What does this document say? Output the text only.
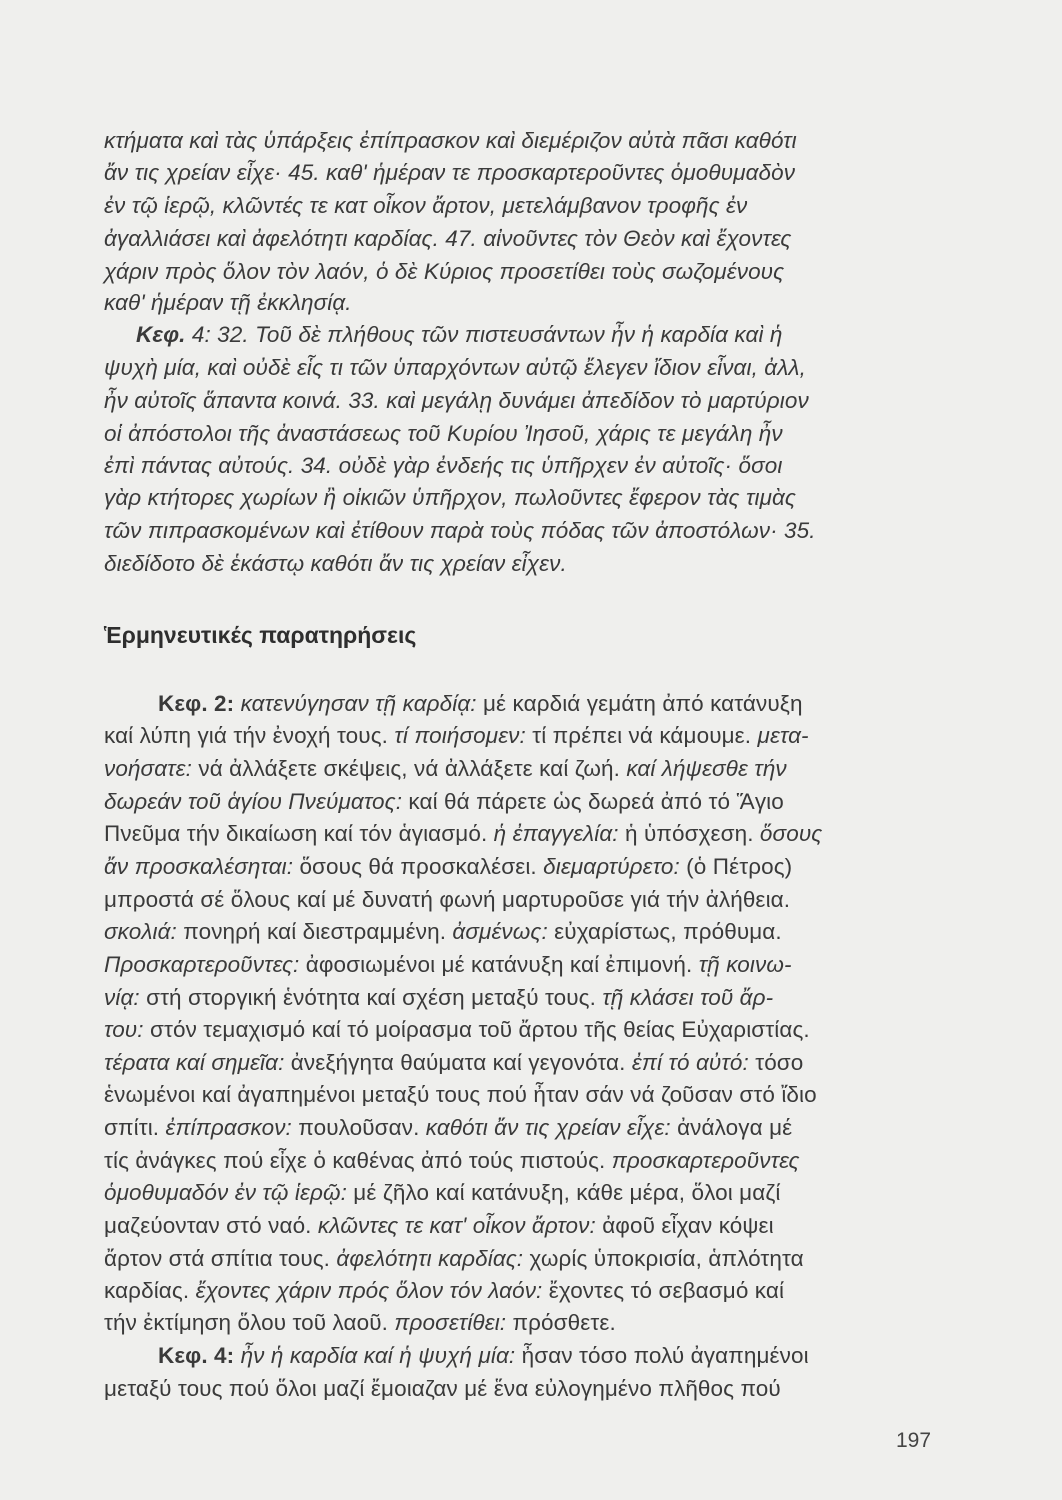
κτήματα καὶ τὰς ὑπάρξεις ἐπίπρασκον καὶ διεμέριζον αὐτὰ πᾶσι καθότι
ἄν τις χρείαν εἶχε· 45. καθ' ἡμέραν τε προσκαρτεροῦντες ὁμοθυμαδὸν
ἐν τῷ ἱερῷ, κλῶντές τε κατ οἶκον ἄρτον, μετελάμβανον τροφῆς ἐν
ἀγαλλιάσει καὶ ἀφελότητι καρδίας. 47. αἰνοῦντες τὸν Θεὸν καὶ ἔχοντες
χάριν πρὸς ὅλον τὸν λαόν, ὁ δὲ Κύριος προσετίθει τοὺς σωζομένους
καθ' ἡμέραν τῇ ἐκκλησίᾳ.
Κεφ. 4: 32. Τοῦ δὲ πλήθους τῶν πιστευσάντων ἦν ἡ καρδία καὶ ἡ
ψυχὴ μία, καὶ οὐδὲ εἷς τι τῶν ὑπαρχόντων αὐτῷ ἔλεγεν ἴδιον εἶναι, ἀλλ,
ἦν αὐτοῖς ἅπαντα κοινά. 33. καὶ μεγάλῃ δυνάμει ἀπεδίδον τὸ μαρτύριον
οἱ ἀπόστολοι τῆς ἀναστάσεως τοῦ Κυρίου Ἰησοῦ, χάρις τε μεγάλη ἦν
ἐπὶ πάντας αὐτούς. 34. οὐδὲ γὰρ ἐνδεής τις ὑπῆρχεν ἐν αὐτοῖς· ὅσοι
γὰρ κτήτορες χωρίων ἢ οἰκιῶν ὑπῆρχον, πωλοῦντες ἔφερον τὰς τιμὰς
τῶν πιπρασκομένων καὶ ἐτίθουν παρὰ τοὺς πόδας τῶν ἀποστόλων· 35.
διεδίδοτο δὲ ἑκάστῳ καθότι ἄν τις χρείαν εἶχεν.
Ἑρμηνευτικές παρατηρήσεις
Κεφ. 2: κατενύγησαν τῇ καρδίᾳ: μέ καρδιά γεμάτη ἀπό κατάνυξη
καί λύπη γιά τήν ἐνοχή τους. τί ποιήσομεν: τί πρέπει νά κάμουμε. μετα-
νοήσατε: νά ἀλλάξετε σκέψεις, νά ἀλλάξετε καί ζωή. καί λήψεσθε τήν
δωρεάν τοῦ ἁγίου Πνεύματος: καί θά πάρετε ὡς δωρεά ἀπό τό Ἅγιο
Πνεῦμα τήν δικαίωση καί τόν ἁγιασμό. ἡ ἐπαγγελία: ἡ ὑπόσχεση. ὅσους
ἄν προσκαλέσηται: ὅσους θά προσκαλέσει. διεμαρτύρετο: (ὁ Πέτρος)
μπροστά σέ ὅλους καί μέ δυνατή φωνή μαρτυροῦσε γιά τήν ἀλήθεια.
σκολιά: πονηρή καί διεστραμμένη. ἀσμένως: εὐχαρίστως, πρόθυμα.
Προσκαρτεροῦντες: ἀφοσιωμένοι μέ κατάνυξη καί ἐπιμονή. τῇ κοινω-
νίᾳ: στή στοργική ἑνότητα καί σχέση μεταξύ τους. τῇ κλάσει τοῦ ἄρ-
του: στόν τεμαχισμό καί τό μοίρασμα τοῦ ἄρτου τῆς θείας Εὐχαριστίας.
τέρατα καί σημεῖα: ἀνεξήγητα θαύματα καί γεγονότα. ἐπί τό αὐτό: τόσο
ἑνωμένοι καί ἀγαπημένοι μεταξύ τους πού ἦταν σάν νά ζοῦσαν στό ἴδιο
σπίτι. ἐπίπρασκον: πουλοῦσαν. καθότι ἄν τις χρείαν εἶχε: ἀνάλογα μέ
τίς ἀνάγκες πού εἶχε ὁ καθένας ἀπό τούς πιστούς. προσκαρτεροῦντες
ὁμοθυμαδόν ἐν τῷ ἱερῷ: μέ ζῆλο καί κατάνυξη, κάθε μέρα, ὅλοι μαζί
μαζεύονταν στό ναό. κλῶντες τε κατ' οἶκον ἄρτον: ἀφοῦ εἶχαν κόψει
ἄρτον στά σπίτια τους. ἀφελότητι καρδίας: χωρίς ὑποκρισία, ἁπλότητα
καρδίας. ἔχοντες χάριν πρός ὅλον τόν λαόν: ἔχοντες τό σεβασμό καί
τήν ἐκτίμηση ὅλου τοῦ λαοῦ. προσετίθει: πρόσθετε.
Κεφ. 4: ἦν ἡ καρδία καί ἡ ψυχή μία: ἦσαν τόσο πολύ ἀγαπημένοι
μεταξύ τους πού ὅλοι μαζί ἔμοιαζαν μέ ἕνα εὐλογημένο πλῆθος πού
197
